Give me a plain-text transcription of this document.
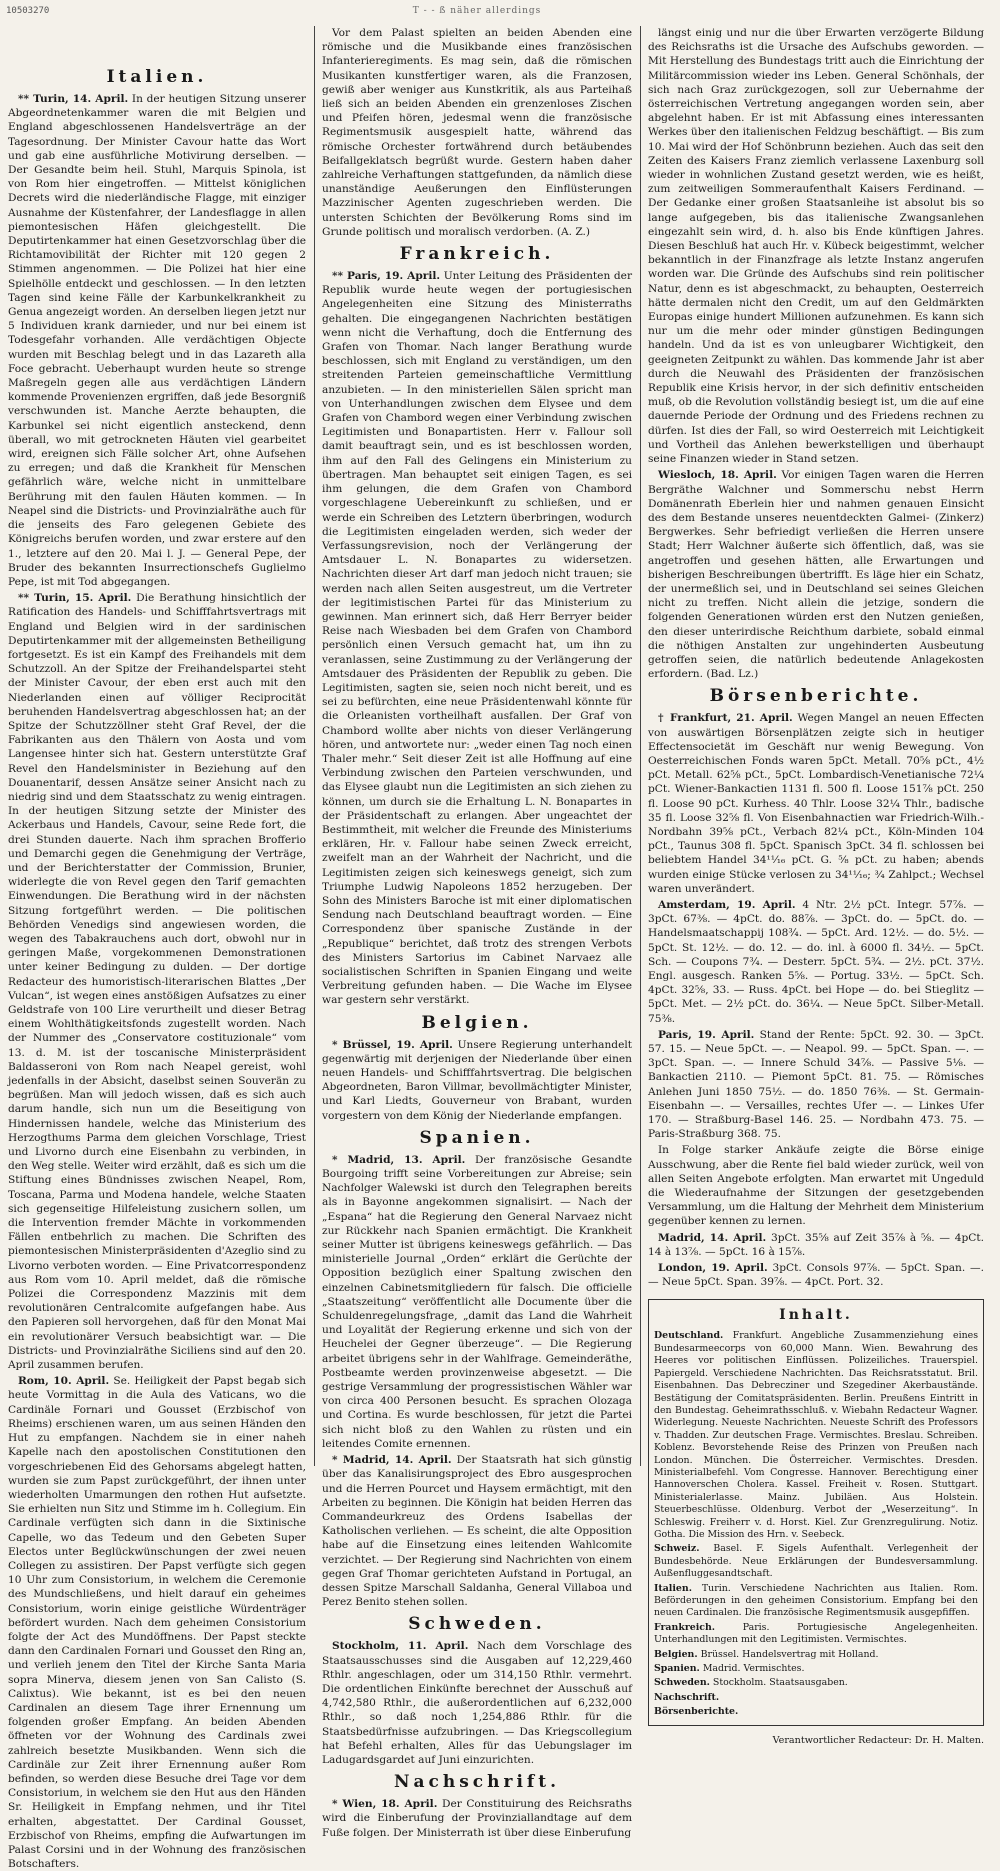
10503270	T - - ß näher allerdings
Italien.

** Turin, 14. April. In der heutigen Sitzung unserer Abgeordnetenkammer waren die mit Belgien und England abgeschlossenen Handelsverträge an der Tagesordnung. Der Minister Cavour hatte das Wort und gab eine ausführliche Motivirung derselben. — Der Gesandte beim heil. Stuhl, Marquis Spinola, ist von Rom hier eingetroffen. — Mittelst königlichen Decrets wird die niederländische Flagge, mit einziger Ausnahme der Küstenfahrer, der Landesflagge in allen piemontesischen Häfen gleichgestellt. Die Deputirtenkammer hat einen Gesetzvorschlag über die Richtamovibilität der Richter mit 120 gegen 2 Stimmen angenommen. — Die Polizei hat hier eine Spielhölle entdeckt und geschlossen. — In den letzten Tagen sind keine Fälle der Karbunkelkrankheit zu Genua angezeigt worden. An derselben liegen jetzt nur 5 Individuen krank darnieder, und nur bei einem ist Todesgefahr vorhanden. Alle verdächtigen Objecte wurden mit Beschlag belegt und in das Lazareth alla Foce gebracht. Ueberhaupt wurden heute so strenge Maßregeln gegen alle aus verdächtigen Ländern kommende Provenienzen ergriffen, daß jede Besorgniß verschwunden ist. Manche Aerzte behaupten, die Karbunkel sei nicht eigentlich ansteckend, denn überall, wo mit getrockneten Häuten viel gearbeitet wird, ereignen sich Fälle solcher Art, ohne Aufsehen zu erregen; und daß die Krankheit für Menschen gefährlich wäre, welche nicht in unmittelbare Berührung mit den faulen Häuten kommen. — In Neapel sind die Districts- und Provinzialräthe auch für die jenseits des Faro gelegenen Gebiete des Königreichs berufen worden, und zwar erstere auf den 1., letztere auf den 20. Mai l. J. — General Pepe, der Bruder des bekannten Insurrectionschefs Guglielmo Pepe, ist mit Tod abgegangen.

** Turin, 15. April. Die Berathung hinsichtlich der Ratification des Handels- und Schifffahrtsvertrags mit England und Belgien wird in der sardinischen Deputirtenkammer mit der allgemeinsten Betheiligung fortgesetzt. Es ist ein Kampf des Freihandels mit dem Schutzzoll. An der Spitze der Freihandelspartei steht der Minister Cavour, der eben erst auch mit den Niederlanden einen auf völliger Reciprocität beruhenden Handelsvertrag abgeschlossen hat; an der Spitze der Schutzzöllner steht Graf Revel, der die Fabrikanten aus den Thälern von Aosta und vom Langensee hinter sich hat. Gestern unterstützte Graf Revel den Handelsminister in Beziehung auf den Douanentarif, dessen Ansätze seiner Ansicht nach zu niedrig sind und dem Staatsschatz zu wenig eintragen. In der heutigen Sitzung setzte der Minister des Ackerbaus und Handels, Cavour, seine Rede fort, die drei Stunden dauerte. Nach ihm sprachen Brofferio und Demarchi gegen die Genehmigung der Verträge, und der Berichterstatter der Commission, Brunier, widerlegte die von Revel gegen den Tarif gemachten Einwendungen. Die Berathung wird in der nächsten Sitzung fortgeführt werden. — Die politischen Behörden Venedigs sind angewiesen worden, die wegen des Tabakrauchens auch dort, obwohl nur in geringen Maße, vorgekommenen Demonstrationen unter keiner Bedingung zu dulden. — Der dortige Redacteur des humoristisch-literarischen Blattes „Der Vulcan“, ist wegen eines anstößigen Aufsatzes zu einer Geldstrafe von 100 Lire verurtheilt und dieser Betrag einem Wohlthätigkeitsfonds zugestellt worden. Nach der Nummer des „Conservatore costituzionale“ vom 13. d. M. ist der toscanische Ministerpräsident Baldasseroni von Rom nach Neapel gereist, wohl jedenfalls in der Absicht, daselbst seinen Souverän zu begrüßen. Man will jedoch wissen, daß es sich auch darum handle, sich nun um die Beseitigung von Hindernissen handele, welche das Ministerium des Herzogthums Parma dem gleichen Vorschlage, Triest und Livorno durch eine Eisenbahn zu verbinden, in den Weg stelle. Weiter wird erzählt, daß es sich um die Stiftung eines Bündnisses zwischen Neapel, Rom, Toscana, Parma und Modena handele, welche Staaten sich gegenseitige Hilfeleistung zusichern sollen, um die Intervention fremder Mächte in vorkommenden Fällen entbehrlich zu machen. Die Schriften des piemontesischen Ministerpräsidenten d'Azeglio sind zu Livorno verboten worden. — Eine Privatcorrespondenz aus Rom vom 10. April meldet, daß die römische Polizei die Correspondenz Mazzinis mit dem revolutionären Centralcomite aufgefangen habe. Aus den Papieren soll hervorgehen, daß für den Monat Mai ein revolutionärer Versuch beabsichtigt war. — Die Districts- und Provinzialräthe Siciliens sind auf den 20. April zusammen berufen.

Rom, 10. April. Se. Heiligkeit der Papst begab sich heute Vormittag in die Aula des Vaticans, wo die Cardinäle Fornari und Gousset (Erzbischof von Rheims) erschienen waren, um aus seinen Händen den Hut zu empfangen. Nachdem sie in einer naheh Kapelle nach den apostolischen Constitutionen den vorgeschriebenen Eid des Gehorsams abgelegt hatten, wurden sie zum Papst zurückgeführt, der ihnen unter wiederholten Umarmungen den rothen Hut aufsetzte. Sie erhielten nun Sitz und Stimme im h. Collegium. Ein Cardinale verfügten sich dann in die Sixtinische Capelle, wo das Tedeum und den Gebeten Super Electos unter Beglückwünschungen der zwei neuen Collegen zu assistiren. Der Papst verfügte sich gegen 10 Uhr zum Consistorium, in welchem die Ceremonie des Mundschließens, und hielt darauf ein geheimes Consistorium, worin einige geistliche Würdenträger befördert wurden. Nach dem geheimen Consistorium folgte der Act des Mundöffnens. Der Papst steckte dann den Cardinalen Fornari und Gousset den Ring an, und verlieh jenem den Titel der Kirche Santa Maria sopra Minerva, diesem jenen von San Calisto (S. Calixtus). Wie bekannt, ist es bei den neuen Cardinalen an diesem Tage ihrer Ernennung um folgenden großer Empfang. An beiden Abenden öffneten vor der Wohnung des Cardinals zwei zahlreich besetzte Musikbanden. Wenn sich die Cardinäle zur Zeit ihrer Ernennung außer Rom befinden, so werden diese Besuche drei Tage vor dem Consistorium, in welchem sie den Hut aus den Händen Sr. Heiligkeit in Empfang nehmen, und ihr Titel erhalten, abgestattet. Der Cardinal Gousset, Erzbischof von Rheims, empfing die Aufwartungen im Palast Corsini und in der Wohnung des französischen Botschafters.

Vor dem Palast spielten an beiden Abenden eine römische und die Musikbande eines französischen Infanterieregiments. Es mag sein, daß die römischen Musikanten kunstfertiger waren, als die Franzosen, gewiß aber weniger aus Kunstkritik, als aus Parteihaß ließ sich an beiden Abenden ein grenzenloses Zischen und Pfeifen hören, jedesmal wenn die französische Regimentsmusik ausgespielt hatte, während das römische Orchester fortwährend durch betäubendes Beifallgeklatsch begrüßt wurde. Gestern haben daher zahlreiche Verhaftungen stattgefunden, da nämlich diese unanständige Aeußerungen den Einflüsterungen Mazzinischer Agenten zugeschrieben werden. Die untersten Schichten der Bevölkerung Roms sind im Grunde politisch und moralisch verdorben. (A. Z.)

Frankreich.

** Paris, 19. April. Unter Leitung des Präsidenten der Republik wurde heute wegen der portugiesischen Angelegenheiten eine Sitzung des Ministerraths gehalten. Die eingegangenen Nachrichten bestätigen wenn nicht die Verhaftung, doch die Entfernung des Grafen von Thomar. Nach langer Berathung wurde beschlossen, sich mit England zu verständigen, um den streitenden Parteien gemeinschaftliche Vermittlung anzubieten. — In den ministeriellen Sälen spricht man von Unterhandlungen zwischen dem Elysee und dem Grafen von Chambord wegen einer Verbindung zwischen Legitimisten und Bonapartisten. Herr v. Fallour soll damit beauftragt sein, und es ist beschlossen worden, ihm auf den Fall des Gelingens ein Ministerium zu übertragen. Man behauptet seit einigen Tagen, es sei ihm gelungen, die dem Grafen von Chambord vorgeschlagene Uebereinkunft zu schließen, und er werde ein Schreiben des Letztern überbringen, wodurch die Legitimisten eingeladen werden, sich weder der Verfassungsrevision, noch der Verlängerung der Amtsdauer L. N. Bonapartes zu widersetzen. Nachrichten dieser Art darf man jedoch nicht trauen; sie werden nach allen Seiten ausgestreut, um die Vertreter der legitimistischen Partei für das Ministerium zu gewinnen. Man erinnert sich, daß Herr Berryer beider Reise nach Wiesbaden bei dem Grafen von Chambord persönlich einen Versuch gemacht hat, um ihn zu veranlassen, seine Zustimmung zu der Verlängerung der Amtsdauer des Präsidenten der Republik zu geben. Die Legitimisten, sagten sie, seien noch nicht bereit, und es sei zu befürchten, eine neue Präsidentenwahl könnte für die Orleanisten vortheilhaft ausfallen. Der Graf von Chambord wollte aber nichts von dieser Verlängerung hören, und antwortete nur: „weder einen Tag noch einen Thaler mehr.“ Seit dieser Zeit ist alle Hoffnung auf eine Verbindung zwischen den Parteien verschwunden, und das Elysee glaubt nun die Legitimisten an sich ziehen zu können, um durch sie die Erhaltung L. N. Bonapartes in der Präsidentschaft zu erlangen. Aber ungeachtet der Bestimmtheit, mit welcher die Freunde des Ministeriums erklären, Hr. v. Fallour habe seinen Zweck erreicht, zweifelt man an der Wahrheit der Nachricht, und die Legitimisten zeigen sich keineswegs geneigt, sich zum Triumphe Ludwig Napoleons 1852 herzugeben. Der Sohn des Ministers Baroche ist mit einer diplomatischen Sendung nach Deutschland beauftragt worden. — Eine Correspondenz über spanische Zustände in der „Republique“ berichtet, daß trotz des strengen Verbots des Ministers Sartorius im Cabinet Narvaez alle socialistischen Schriften in Spanien Eingang und weite Verbreitung gefunden haben. — Die Wache im Elysee war gestern sehr verstärkt.

Belgien.

* Brüssel, 19. April. Unsere Regierung unterhandelt gegenwärtig mit derjenigen der Niederlande über einen neuen Handels- und Schifffahrtsvertrag. Die belgischen Abgeordneten, Baron Villmar, bevollmächtigter Minister, und Karl Liedts, Gouverneur von Brabant, wurden vorgestern von dem König der Niederlande empfangen.

Spanien.

* Madrid, 13. April. Der französische Gesandte Bourgoing trifft seine Vorbereitungen zur Abreise; sein Nachfolger Walewski ist durch den Telegraphen bereits als in Bayonne angekommen signalisirt. — Nach der „Espana“ hat die Regierung den General Narvaez nicht zur Rückkehr nach Spanien ermächtigt. Die Krankheit seiner Mutter ist übrigens keineswegs gefährlich. — Das ministerielle Journal „Orden“ erklärt die Gerüchte der Opposition bezüglich einer Spaltung zwischen den einzelnen Cabinetsmitgliedern für falsch. Die officielle „Staatszeitung“ veröffentlicht alle Documente über die Schuldenregelungsfrage, „damit das Land die Wahrheit und Loyalität der Regierung erkenne und sich von der Heuchelei der Gegner überzeuge“. — Die Regierung arbeitet übrigens sehr in der Wahlfrage. Gemeinderäthe, Postbeamte werden provinzenweise abgesetzt. — Die gestrige Versammlung der progressistischen Wähler war von circa 400 Personen besucht. Es sprachen Olozaga und Cortina. Es wurde beschlossen, für jetzt die Partei sich nicht bloß zu den Wahlen zu rüsten und ein leitendes Comite ernennen.

* Madrid, 14. April. Der Staatsrath hat sich günstig über das Kanalisirungsproject des Ebro ausgesprochen und die Herren Pourcet und Haysem ermächtigt, mit den Arbeiten zu beginnen. Die Königin hat beiden Herren das Commandeurkreuz des Ordens Isabellas der Katholischen verliehen. — Es scheint, die alte Opposition habe auf die Einsetzung eines leitenden Wahlcomite verzichtet. — Der Regierung sind Nachrichten von einem gegen Graf Thomar gerichteten Aufstand in Portugal, an dessen Spitze Marschall Saldanha, General Villaboa und Perez Benito stehen sollen.

Schweden.

Stockholm, 11. April. Nach dem Vorschlage des Staatsausschusses sind die Ausgaben auf 12,229,460 Rthlr. angeschlagen, oder um 314,150 Rthlr. vermehrt. Die ordentlichen Einkünfte berechnet der Ausschuß auf 4,742,580 Rthlr., die außerordentlichen auf 6,232,000 Rthlr., so daß noch 1,254,886 Rthlr. für die Staatsbedürfnisse aufzubringen. — Das Kriegscollegium hat Befehl erhalten, Alles für das Uebungslager im Ladugardsgardet auf Juni einzurichten.

Nachschrift.

* Wien, 18. April. Der Constituirung des Reichsraths wird die Einberufung der Provinziallandtage auf dem Fuße folgen. Der Ministerrath ist über diese Einberufung

längst einig und nur die über Erwarten verzögerte Bildung des Reichsraths ist die Ursache des Aufschubs geworden. — Mit Herstellung des Bundestags tritt auch die Einrichtung der Militärcommission wieder ins Leben. General Schönhals, der sich nach Graz zurückgezogen, soll zur Uebernahme der österreichischen Vertretung angegangen worden sein, aber abgelehnt haben. Er ist mit Abfassung eines interessanten Werkes über den italienischen Feldzug beschäftigt. — Bis zum 10. Mai wird der Hof Schönbrunn beziehen. Auch das seit den Zeiten des Kaisers Franz ziemlich verlassene Laxenburg soll wieder in wohnlichen Zustand gesetzt werden, wie es heißt, zum zeitweiligen Sommeraufenthalt Kaisers Ferdinand. — Der Gedanke einer großen Staatsanleihe ist absolut bis so lange aufgegeben, bis das italienische Zwangsanlehen eingezahlt sein wird, d. h. also bis Ende künftigen Jahres. Diesen Beschluß hat auch Hr. v. Kübeck beigestimmt, welcher bekanntlich in der Finanzfrage als letzte Instanz angerufen worden war. Die Gründe des Aufschubs sind rein politischer Natur, denn es ist abgeschmackt, zu behaupten, Oesterreich hätte dermalen nicht den Credit, um auf den Geldmärkten Europas einige hundert Millionen aufzunehmen. Es kann sich nur um die mehr oder minder günstigen Bedingungen handeln. Und da ist es von unleugbarer Wichtigkeit, den geeigneten Zeitpunkt zu wählen. Das kommende Jahr ist aber durch die Neuwahl des Präsidenten der französischen Republik eine Krisis hervor, in der sich definitiv entscheiden muß, ob die Revolution vollständig besiegt ist, um die auf eine dauernde Periode der Ordnung und des Friedens rechnen zu dürfen. Ist dies der Fall, so wird Oesterreich mit Leichtigkeit und Vortheil das Anlehen bewerkstelligen und überhaupt seine Finanzen wieder in Stand setzen.

Wiesloch, 18. April. Vor einigen Tagen waren die Herren Bergräthe Walchner und Sommerschu nebst Herrn Domänenrath Eberlein hier und nahmen genauen Einsicht des dem Bestande unseres neuentdeckten Galmei- (Zinkerz) Bergwerkes. Sehr befriedigt verließen die Herren unsere Stadt; Herr Walchner äußerte sich öffentlich, daß, was sie angetroffen und gesehen hätten, alle Erwartungen und bisherigen Beschreibungen übertrifft. Es läge hier ein Schatz, der unermeßlich sei, und in Deutschland sei seines Gleichen nicht zu treffen. Nicht allein die jetzige, sondern die folgenden Generationen würden erst den Nutzen genießen, den dieser unterirdische Reichthum darbiete, sobald einmal die nöthigen Anstalten zur ungehinderten Ausbeutung getroffen seien, die natürlich bedeutende Anlagekosten erfordern. (Bad. Lz.)

Börsenberichte.

† Frankfurt, 21. April. Wegen Mangel an neuen Effecten von auswärtigen Börsenplätzen zeigte sich in heutiger Effectensocietät im Geschäft nur wenig Bewegung. Von Oesterreichischen Fonds waren 5pCt. Metall. 70⅝ pCt., 4½ pCt. Metall. 62⅝ pCt., 5pCt. Lombardisch-Venetianische 72¼ pCt. Wiener-Bankactien 1131 fl. 500 fl. Loose 151⅞ pCt. 250 fl. Loose 90 pCt. Kurhess. 40 Thlr. Loose 32¼ Thlr., badische 35 fl. Loose 32⅝ fl. Von Eisenbahnactien war Friedrich-Wilh.-Nordbahn 39⅝ pCt., Verbach 82¼ pCt., Köln-Minden 104 pCt., Taunus 308 fl. 5pCt. Spanisch 3pCt. 34 fl. schlossen bei beliebtem Handel 34¹¹⁄₁₆ pCt. G. ⁵⁄₈ pCt. zu haben; abends wurden einige Stücke verlosen zu 34¹¹⁄₁₆; ³⁄₄ Zahlpct.; Wechsel waren unverändert.

Amsterdam, 19. April. 4 Ntr. 2½ pCt. Integr. 57⅞. — 3pCt. 67⅜. — 4pCt. do. 88⅞. — 3pCt. do. — 5pCt. do. — Handelsmaatschappij 108¾. — 5pCt. Ard. 12½. — do. 5½. — 5pCt. St. 12½. — do. 12. — do. inl. à 6000 fl. 34½. — 5pCt. Sch. — Coupons 7¾. — Desterr. 5pCt. 5¾. — 2½. pCt. 37½. Engl. ausgesch. Ranken 5⅝. — Portug. 33½. — 5pCt. Sch. 4pCt. 32⅝, 33. — Russ. 4pCt. bei Hope — do. bei Stieglitz — 5pCt. Met. — 2½ pCt. do. 36¼. — Neue 5pCt. Silber-Metall. 75⅜.

Paris, 19. April. Stand der Rente: 5pCt. 92. 30. — 3pCt. 57. 15. — Neue 5pCt. —. — Neapol. 99. — 5pCt. Span. —. — 3pCt. Span. —. — Innere Schuld 34⅞. — Passive 5⅛. — Bankactien 2110. — Piemont 5pCt. 81. 75. — Römisches Anlehen Juni 1850 75½. — do. 1850 76⅜. — St. Germain-Eisenbahn —. — Versailles, rechtes Ufer —. — Linkes Ufer 170. — Straßburg-Basel 146. 25. — Nordbahn 473. 75. — Paris-Straßburg 368. 75.

In Folge starker Ankäufe zeigte die Börse einige Ausschwung, aber die Rente fiel bald wieder zurück, weil von allen Seiten Angebote erfolgten. Man erwartet mit Ungeduld die Wiederaufnahme der Sitzungen der gesetzgebenden Versammlung, um die Haltung der Mehrheit dem Ministerium gegenüber kennen zu lernen.

Madrid, 14. April. 3pCt. 35⅝ auf Zeit 35⅞ à ⅝. — 4pCt. 14 à 13⅞. — 5pCt. 16 à 15⅞.

London, 19. April. 3pCt. Consols 97⅞. — 5pCt. Span. —. — Neue 5pCt. Span. 39⅞. — 4pCt. Port. 32.

Inhalt.

Deutschland. Frankfurt. Angebliche Zusammenziehung eines Bundesarmeecorps von 60,000 Mann. Wien. Bewahrung des Heeres vor politischen Einflüssen. Polizeiliches. Trauerspiel. Papiergeld. Verschiedene Nachrichten. Das Reichsratsstatut. Bril. Eisenbahnen. Das Debrecziner und Szegediner Akerbaustände. Bestätigung der Comitatspräsidenten. Berlin. Preußens Eintritt in den Bundestag. Geheimrathsschluß. v. Wiebahn Redacteur Wagner. Widerlegung. Neueste Nachrichten. Neueste Schrift des Professors v. Thadden. Zur deutschen Frage. Vermischtes. Breslau. Schreiben. Koblenz. Bevorstehende Reise des Prinzen von Preußen nach London. München. Die Österreicher. Vermischtes. Dresden. Ministerialbefehl. Vom Congresse. Hannover. Berechtigung einer Hannoverschen Cholera. Kassel. Freiheit v. Rosen. Stuttgart. Ministerialerlasse. Mainz. Jubiläen. Aus Holstein. Steuerbeschlüsse. Oldenburg. Verbot der „Weserzeitung“. In Schleswig. Freiherr v. d. Horst. Kiel. Zur Grenzregulirung. Notiz. Gotha. Die Mission des Hrn. v. Seebeck.

Schweiz. Basel. F. Sigels Aufenthalt. Verlegenheit der Bundesbehörde. Neue Erklärungen der Bundesversammlung. Außenfluggesandtschaft.

Italien. Turin. Verschiedene Nachrichten aus Italien. Rom. Beförderungen in den geheimen Consistorium. Empfang bei den neuen Cardinalen. Die französische Regimentsmusik ausgepfiffen.

Frankreich.	Paris. Portugiesische Angelegenheiten. Unterhandlungen mit den Legitimisten. Vermischtes.

Belgien. Brüssel. Handelsvertrag mit Holland.

Spanien. Madrid. Vermischtes.

Schweden. Stockholm. Staatsausgaben.

Nachschrift.

Börsenberichte.

Verantwortlicher Redacteur: Dr. H. Malten.
